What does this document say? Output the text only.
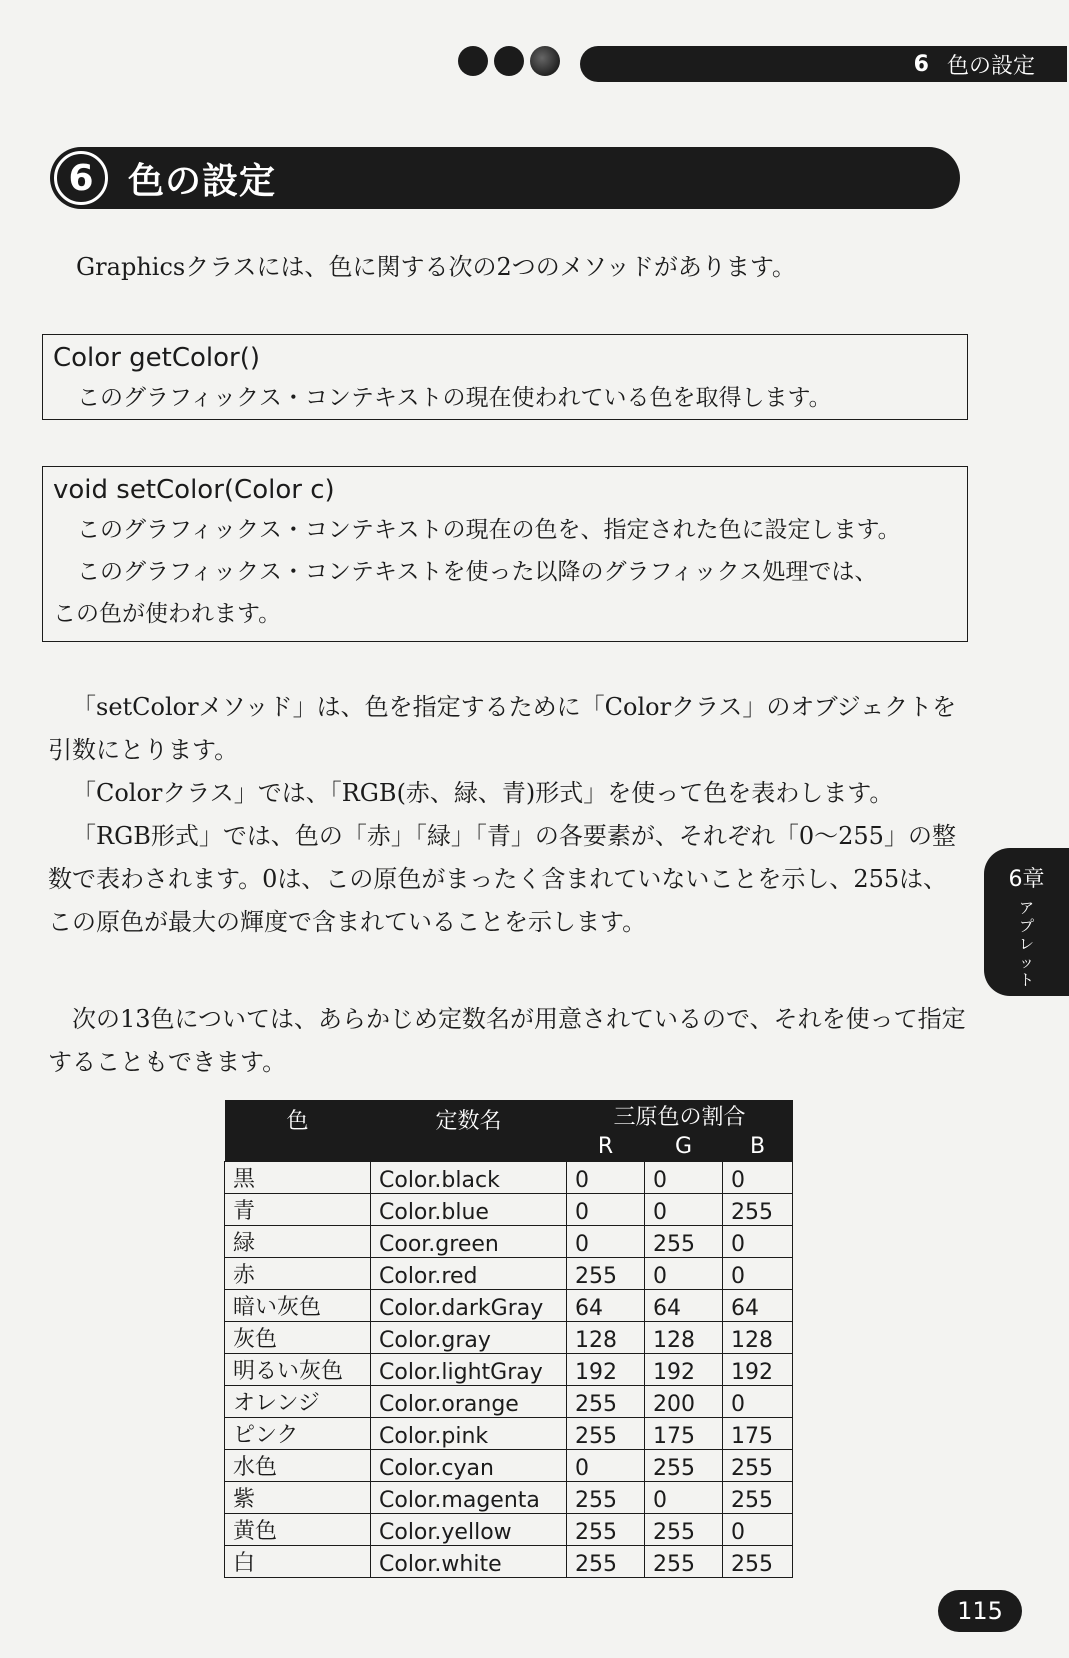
6 色の設定
6 色の設定
Graphicsクラスには、色に関する次の2つのメソッドがあります。
Color getColor()
このグラフィックス・コンテキストの現在使われている色を取得します。
void setColor(Color c)
このグラフィックス・コンテキストの現在の色を、指定された色に設定します。
このグラフィックス・コンテキストを使った以降のグラフィックス処理では、
この色が使われます。
「setColorメソッド」は、色を指定するために「Colorクラス」のオブジェクトを引数にとります。
「Colorクラス」では、「RGB(赤、緑、青)形式」を使って色を表わします。
「RGB形式」では、色の「赤」「緑」「青」の各要素が、それぞれ「0～255」の整数で表わされます。0は、この原色がまったく含まれていないことを示し、255は、この原色が最大の輝度で含まれていることを示します。
次の13色については、あらかじめ定数名が用意されているので、それを使って指定することもできます。
6章
ア
プ
レ
ッ
ト
色	定数名	三原色の割合		
		R	G	B
黒	Color.black	0	0	0
青	Color.blue	0	0	255
緑	Coor.green	0	255	0
赤	Color.red	255	0	0
暗い灰色	Color.darkGray	64	64	64
灰色	Color.gray	128	128	128
明るい灰色	Color.lightGray	192	192	192
オレンジ	Color.orange	255	200	0
ピンク	Color.pink	255	175	175
水色	Color.cyan	0	255	255
紫	Color.magenta	255	0	255
黄色	Color.yellow	255	255	0
白	Color.white	255	255	255
115
